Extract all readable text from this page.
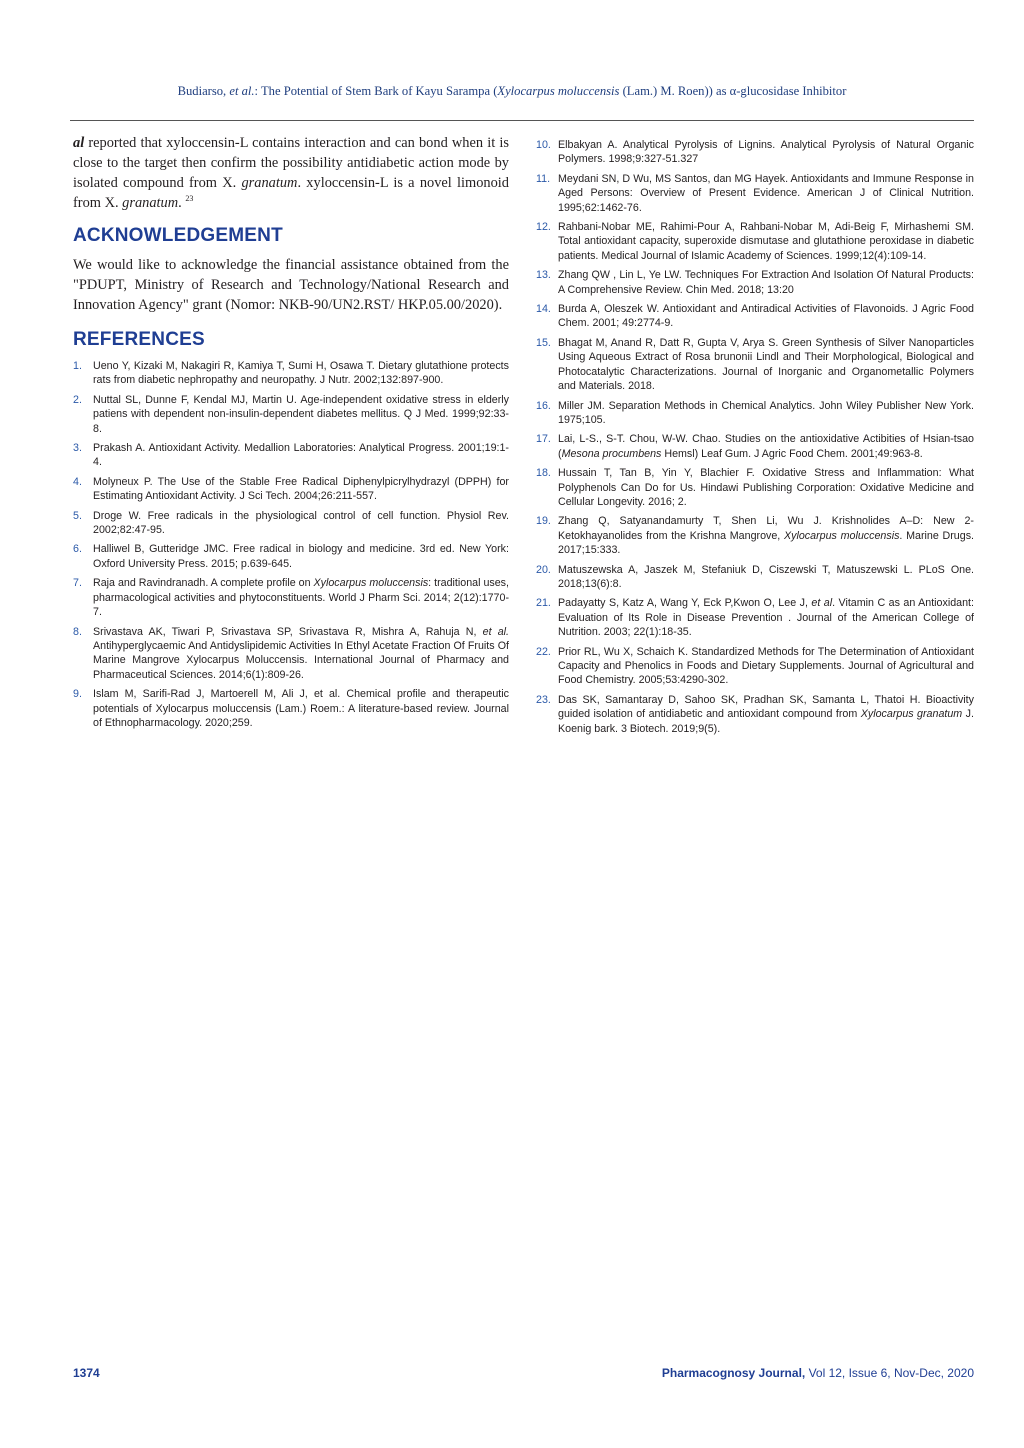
Budiarso, et al.: The Potential of Stem Bark of Kayu Sarampa (Xylocarpus moluccensis (Lam.) M. Roen)) as α-glucosidase Inhibitor

al reported that xyloccensin-L contains interaction and can bond when it is close to the target then confirm the possibility antidiabetic action mode by isolated compound from X. granatum. xyloccensin-L is a novel limonoid from X. granatum. $^{23}$

ACKNOWLEDGEMENT

We would like to acknowledge the financial assistance obtained from the "PDUPT, Ministry of Research and Technology/National Research and Innovation Agency" grant (Nomor: NKB-90/UN2.RST/ HKP.05.00/2020).

REFERENCES
1. Ueno Y, Kizaki M, Nakagiri R, Kamiya T, Sumi H, Osawa T. Dietary glutathione protects rats from diabetic nephropathy and neuropathy. J Nutr. 2002;132:897-900.
2. Nuttal SL, Dunne F, Kendal MJ, Martin U. Age-independent oxidative stress in elderly patiens with dependent non-insulin-dependent diabetes mellitus. Q J Med. 1999;92:33-8.
3. Prakash A. Antioxidant Activity. Medallion Laboratories: Analytical Progress. 2001;19:1-4.
4. Molyneux P. The Use of the Stable Free Radical Diphenylpicrylhydrazyl (DPPH) for Estimating Antioxidant Activity. J Sci Tech. 2004;26:211-557.
5. Droge W. Free radicals in the physiological control of cell function. Physiol Rev. 2002;82:47-95.
6. Halliwel B, Gutteridge JMC. Free radical in biology and medicine. 3rd ed. New York: Oxford University Press. 2015; p.639-645.
7. Raja and Ravindranadh. A complete profile on Xylocarpus moluccensis: traditional uses, pharmacological activities and phytoconstituents. World J Pharm Sci. 2014; 2(12):1770-7.
8. Srivastava AK, Tiwari P, Srivastava SP, Srivastava R, Mishra A, Rahuja N, et al. Antihyperglycaemic And Antidyslipidemic Activities In Ethyl Acetate Fraction Of Fruits Of Marine Mangrove Xylocarpus Moluccensis. International Journal of Pharmacy and Pharmaceutical Sciences. 2014;6(1):809-26.
9. Islam M, Sarifi-Rad J, Martoerell M, Ali J, et al. Chemical profile and therapeutic potentials of Xylocarpus moluccensis (Lam.) Roem.: A literature-based review. Journal of Ethnopharmacology. 2020;259.
10. Elbakyan A. Analytical Pyrolysis of Lignins. Analytical Pyrolysis of Natural Organic Polymers. 1998;9:327-51.327
11. Meydani SN, D Wu, MS Santos, dan MG Hayek. Antioxidants and Immune Response in Aged Persons: Overview of Present Evidence. American J of Clinical Nutrition. 1995;62:1462-76.
12. Rahbani-Nobar ME, Rahimi-Pour A, Rahbani-Nobar M, Adi-Beig F, Mirhashemi SM. Total antioxidant capacity, superoxide dismutase and glutathione peroxidase in diabetic patients. Medical Journal of Islamic Academy of Sciences. 1999;12(4):109-14.
13. Zhang QW , Lin L, Ye LW. Techniques For Extraction And Isolation Of Natural Products: A Comprehensive Review. Chin Med. 2018; 13:20
14. Burda A, Oleszek W. Antioxidant and Antiradical Activities of Flavonoids. J Agric Food Chem. 2001; 49:2774-9.
15. Bhagat M, Anand R, Datt R, Gupta V, Arya S. Green Synthesis of Silver Nanoparticles Using Aqueous Extract of Rosa brunonii Lindl and Their Morphological, Biological and Photocatalytic Characterizations. Journal of Inorganic and Organometallic Polymers and Materials. 2018.
16. Miller JM. Separation Methods in Chemical Analytics. John Wiley Publisher New York. 1975;105.
17. Lai, L-S., S-T. Chou, W-W. Chao. Studies on the antioxidative Actibities of Hsian-tsao (Mesona procumbens Hemsl) Leaf Gum. J Agric Food Chem. 2001;49:963-8.
18. Hussain T, Tan B, Yin Y, Blachier F. Oxidative Stress and Inflammation: What Polyphenols Can Do for Us. Hindawi Publishing Corporation: Oxidative Medicine and Cellular Longevity. 2016; 2.
19. Zhang Q, Satyanandamurty T, Shen Li, Wu J. Krishnolides A–D: New 2-Ketokhayanolides from the Krishna Mangrove, Xylocarpus moluccensis. Marine Drugs. 2017;15:333.
20. Matuszewska A, Jaszek M, Stefaniuk D, Ciszewski T, Matuszewski L. PLoS One. 2018;13(6):8.
21. Padayatty S, Katz A, Wang Y, Eck P,Kwon O, Lee J, et al. Vitamin C as an Antioxidant: Evaluation of Its Role in Disease Prevention . Journal of the American College of Nutrition. 2003; 22(1):18-35.
22. Prior RL, Wu X, Schaich K. Standardized Methods for The Determination of Antioxidant Capacity and Phenolics in Foods and Dietary Supplements. Journal of Agricultural and Food Chemistry. 2005;53:4290-302.
23. Das SK, Samantaray D, Sahoo SK, Pradhan SK, Samanta L, Thatoi H. Bioactivity guided isolation of antidiabetic and antioxidant compound from Xylocarpus granatum J. Koenig bark. 3 Biotech. 2019;9(5).
1374	Pharmacognosy Journal, Vol 12, Issue 6, Nov-Dec, 2020
